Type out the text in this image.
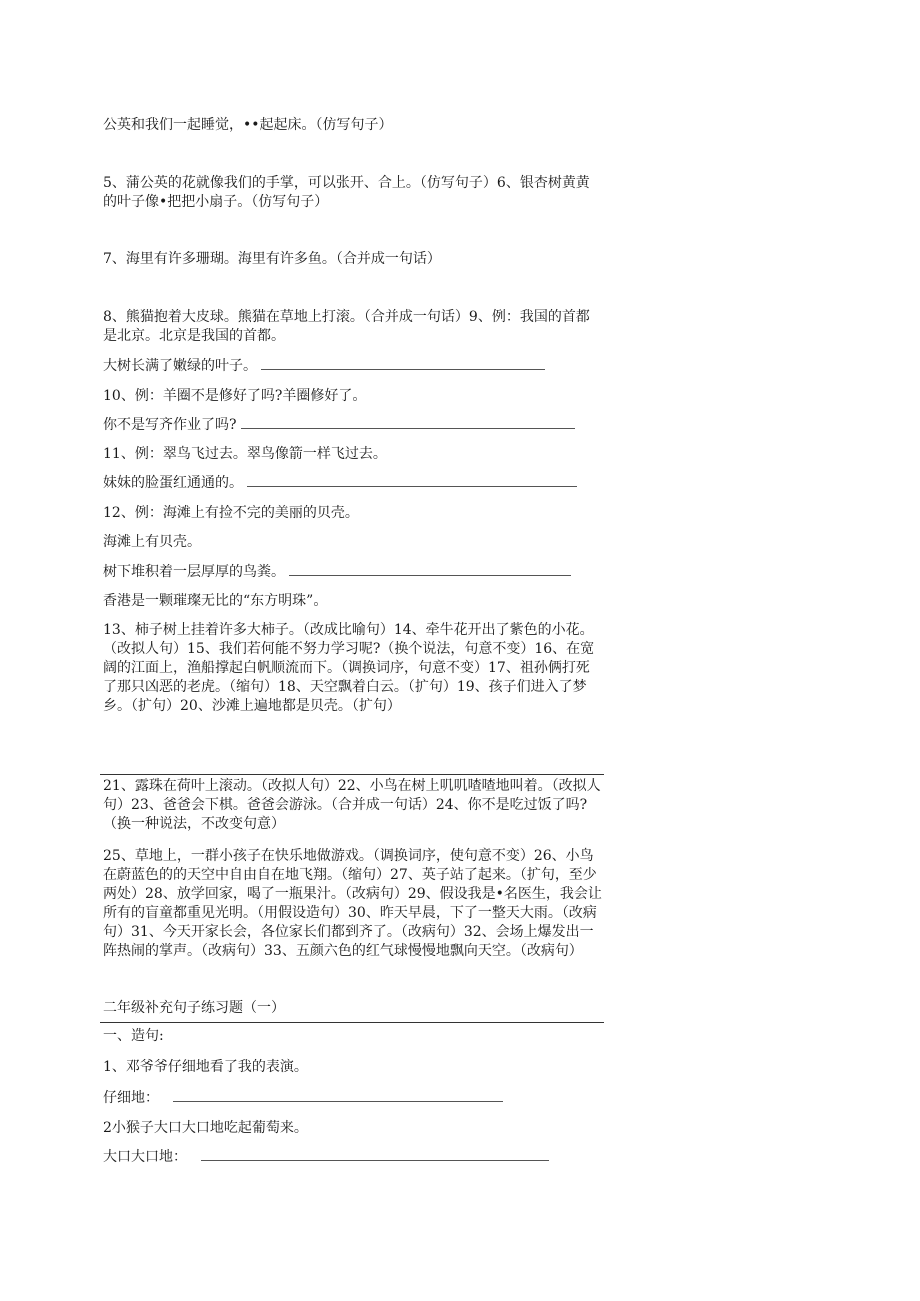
公英和我们一起睡觉，••起起床。（仿写句子）

5、蒲公英的花就像我们的手掌，可以张开、合上。（仿写句子）6、银杏树黄黄的叶子像•把把小扇子。（仿写句子）

7、海里有许多珊瑚。海里有许多鱼。（合并成一句话）

8、熊猫抱着大皮球。熊猫在草地上打滚。（合并成一句话）9、例：我国的首都是北京。北京是我国的首都。

大树长满了嫩绿的叶子。
10、例：羊圈不是修好了吗?羊圈修好了。
你不是写齐作业了吗?
11、例：翠鸟飞过去。翠鸟像箭一样飞过去。
妹妹的脸蛋红通通的。
12、例：海滩上有捡不完的美丽的贝壳。
海滩上有贝壳。
树下堆积着一层厚厚的鸟粪。
香港是一颗璀璨无比的“东方明珠”。

13、柿子树上挂着许多大柿子。（改成比喻句）14、牵牛花开出了紫色的小花。（改拟人句）15、我们若何能不努力学习呢?（换个说法，句意不变）16、在宽阔的江面上，渔船撑起白帆顺流而下。（调换词序，句意不变）17、祖孙俩打死了那只凶恶的老虎。（缩句）18、天空飘着白云。（扩句）19、孩子们进入了梦乡。（扩句）20、沙滩上遍地都是贝壳。（扩句）

21、露珠在荷叶上滚动。（改拟人句）22、小鸟在树上叽叽喳喳地叫着。（改拟人句）23、爸爸会下棋。爸爸会游泳。（合并成一句话）24、你不是吃过饭了吗?（换一种说法，不改变句意）

25、草地上，一群小孩子在快乐地做游戏。（调换词序，使句意不变）26、小鸟在蔚蓝色的的天空中自由自在地飞翔。（缩句）27、英子站了起来。（扩句，至少两处）28、放学回家，喝了一瓶果汁。（改病句）29、假设我是•名医生，我会让所有的盲童都重见光明。（用假设造句）30、昨天早晨，下了一整天大雨。（改病句）31、今天开家长会，各位家长们都到齐了。（改病句）32、会场上爆发出一阵热闹的掌声。（改病句）33、五颜六色的红气球慢慢地飘向天空。（改病句）

二年级补充句子练习题（一）
一、造句:
1、邓爷爷仔细地看了我的表演。
仔细地：
2小猴子大口大口地吃起葡萄来。
大口大口地：
